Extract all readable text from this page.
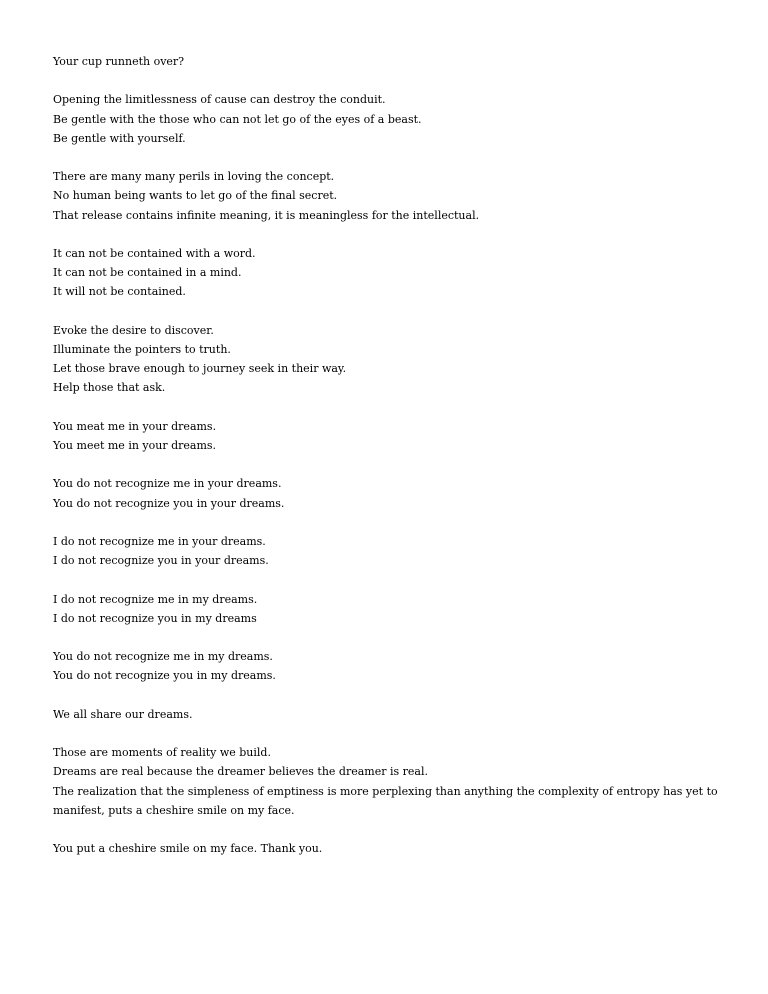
Your cup runneth over?
Opening the limitlessness of cause can destroy the conduit.
Be gentle with the those who can not let go of the eyes of a beast.
Be gentle with yourself.
There are many many perils in loving the concept.
No human being wants to let go of the final secret.
That release contains infinite meaning, it is meaningless for the intellectual.
It can not be contained with a word.
It can not be contained in a mind.
It will not be contained.
Evoke the desire to discover.
Illuminate the pointers to truth.
Let those brave enough to journey seek in their way.
Help those that ask.
You meat me in your dreams.
You meet me in your dreams.
You do not recognize me in your dreams.
You do not recognize you in your dreams.
I do not recognize me in your dreams.
I do not recognize you in your dreams.
I do not recognize me in my dreams.
I do not recognize you in my dreams
You do not recognize me in my dreams.
You do not recognize you in my dreams.
We all share our dreams.
Those are moments of reality we build.
Dreams are real because the dreamer believes the dreamer is real.
The realization that the simpleness of emptiness is more perplexing than anything the complexity of entropy has yet to manifest, puts a cheshire smile on my face.
You put a cheshire smile on my face. Thank you.
